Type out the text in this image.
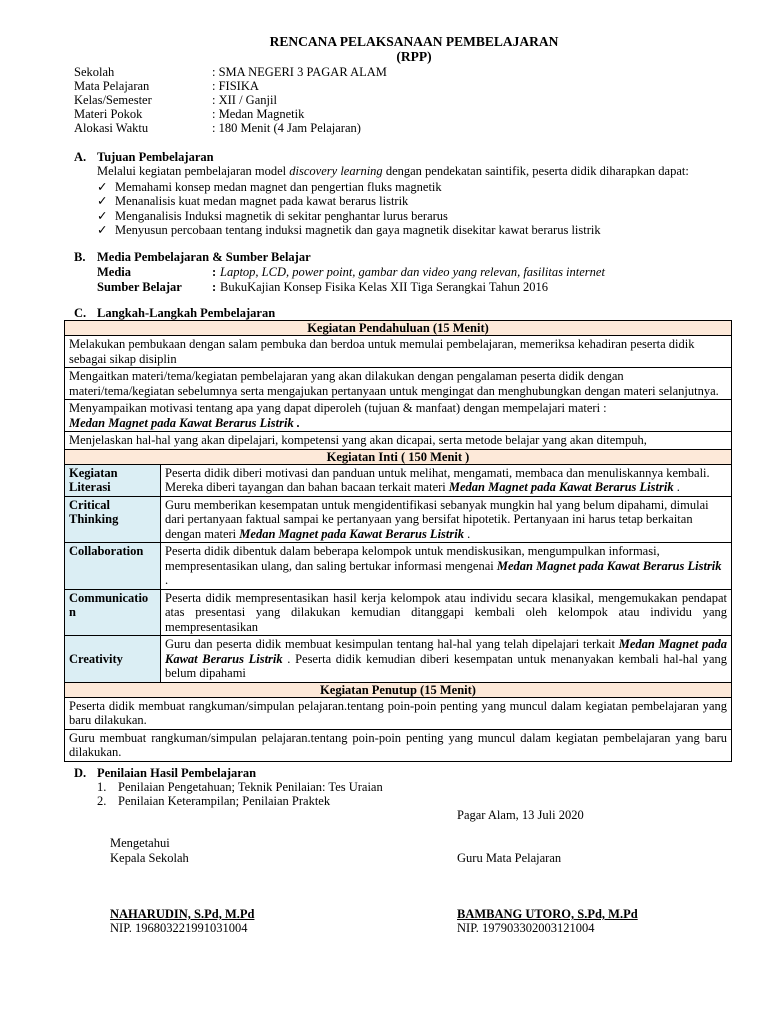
RENCANA PELAKSANAAN PEMBELAJARAN
(RPP)
Sekolah	: SMA NEGERI 3 PAGAR ALAM
Mata Pelajaran	: FISIKA
Kelas/Semester	: XII / Ganjil
Materi Pokok	: Medan Magnetik
Alokasi Waktu	: 180 Menit (4 Jam Pelajaran)
A. Tujuan Pembelajaran
Melalui kegiatan pembelajaran model discovery learning dengan pendekatan saintifik, peserta didik diharapkan dapat:
✓ Memahami konsep medan magnet dan pengertian fluks magnetik
✓ Menanalisis kuat medan magnet pada kawat berarus listrik
✓ Menganalisis Induksi magnetik di sekitar penghantar lurus berarus
✓ Menyusun percobaan tentang induksi magnetik dan gaya magnetik disekitar kawat berarus listrik
B. Media Pembelajaran & Sumber Belajar
Media	: Laptop, LCD, power point, gambar dan video yang relevan, fasilitas internet
Sumber Belajar : BukuKajian Konsep Fisika Kelas XII Tiga Serangkai Tahun 2016
C. Langkah-Langkah Pembelajaran
Kegiatan Pendahuluan (15 Menit)	
Melakukan pembukaan dengan salam pembuka dan berdoa untuk memulai pembelajaran, memeriksa kehadiran peserta didik sebagai sikap disiplin	
Mengaitkan materi/tema/kegiatan pembelajaran yang akan dilakukan dengan pengalaman peserta didik dengan materi/tema/kegiatan sebelumnya serta mengajukan pertanyaan untuk mengingat dan menghubungkan dengan materi selanjutnya.	
Menyampaikan motivasi tentang apa yang dapat diperoleh (tujuan & manfaat) dengan mempelajari materi :
Medan Magnet pada Kawat Berarus Listrik .	
Menjelaskan hal-hal yang akan dipelajari, kompetensi yang akan dicapai, serta metode belajar yang akan ditempuh,	
Kegiatan Inti ( 150 Menit )	
Kegiatan Literasi	Peserta didik diberi motivasi dan panduan untuk melihat, mengamati, membaca dan menuliskannya kembali. Mereka diberi tayangan dan bahan bacaan terkait materi Medan Magnet pada Kawat Berarus Listrik .
Critical Thinking	Guru memberikan kesempatan untuk mengidentifikasi sebanyak mungkin hal yang belum dipahami, dimulai dari pertanyaan faktual sampai ke pertanyaan yang bersifat hipotetik. Pertanyaan ini harus tetap berkaitan dengan materi Medan Magnet pada Kawat Berarus Listrik .
Collaboration	Peserta didik dibentuk dalam beberapa kelompok untuk mendiskusikan, mengumpulkan informasi, mempresentasikan ulang, dan saling bertukar informasi mengenai Medan Magnet pada Kawat Berarus Listrik .
Communicatio n	Peserta didik mempresentasikan hasil kerja kelompok atau individu secara klasikal, mengemukakan pendapat atas presentasi yang dilakukan kemudian ditanggapi kembali oleh kelompok atau individu yang mempresentasikan
Creativity	Guru dan peserta didik membuat kesimpulan tentang hal-hal yang telah dipelajari terkait Medan Magnet pada Kawat Berarus Listrik . Peserta didik kemudian diberi kesempatan untuk menanyakan kembali hal-hal yang belum dipahami
Kegiatan Penutup (15 Menit)	
Peserta didik membuat rangkuman/simpulan pelajaran.tentang poin-poin penting yang muncul dalam kegiatan pembelajaran yang baru dilakukan.	
Guru membuat rangkuman/simpulan pelajaran.tentang poin-poin penting yang muncul dalam kegiatan pembelajaran yang baru dilakukan.	
D. Penilaian Hasil Pembelajaran
1. Penilaian Pengetahuan; Teknik Penilaian: Tes Uraian
2. Penilaian Keterampilan; Penilaian Praktek
Pagar Alam, 13 Juli 2020
Mengetahui
Kepala Sekolah	Guru Mata Pelajaran
NAHARUDIN, S.Pd, M.Pd
NIP. 196803221991031004
BAMBANG UTORO, S.Pd, M.Pd
NIP. 197903302003121004
